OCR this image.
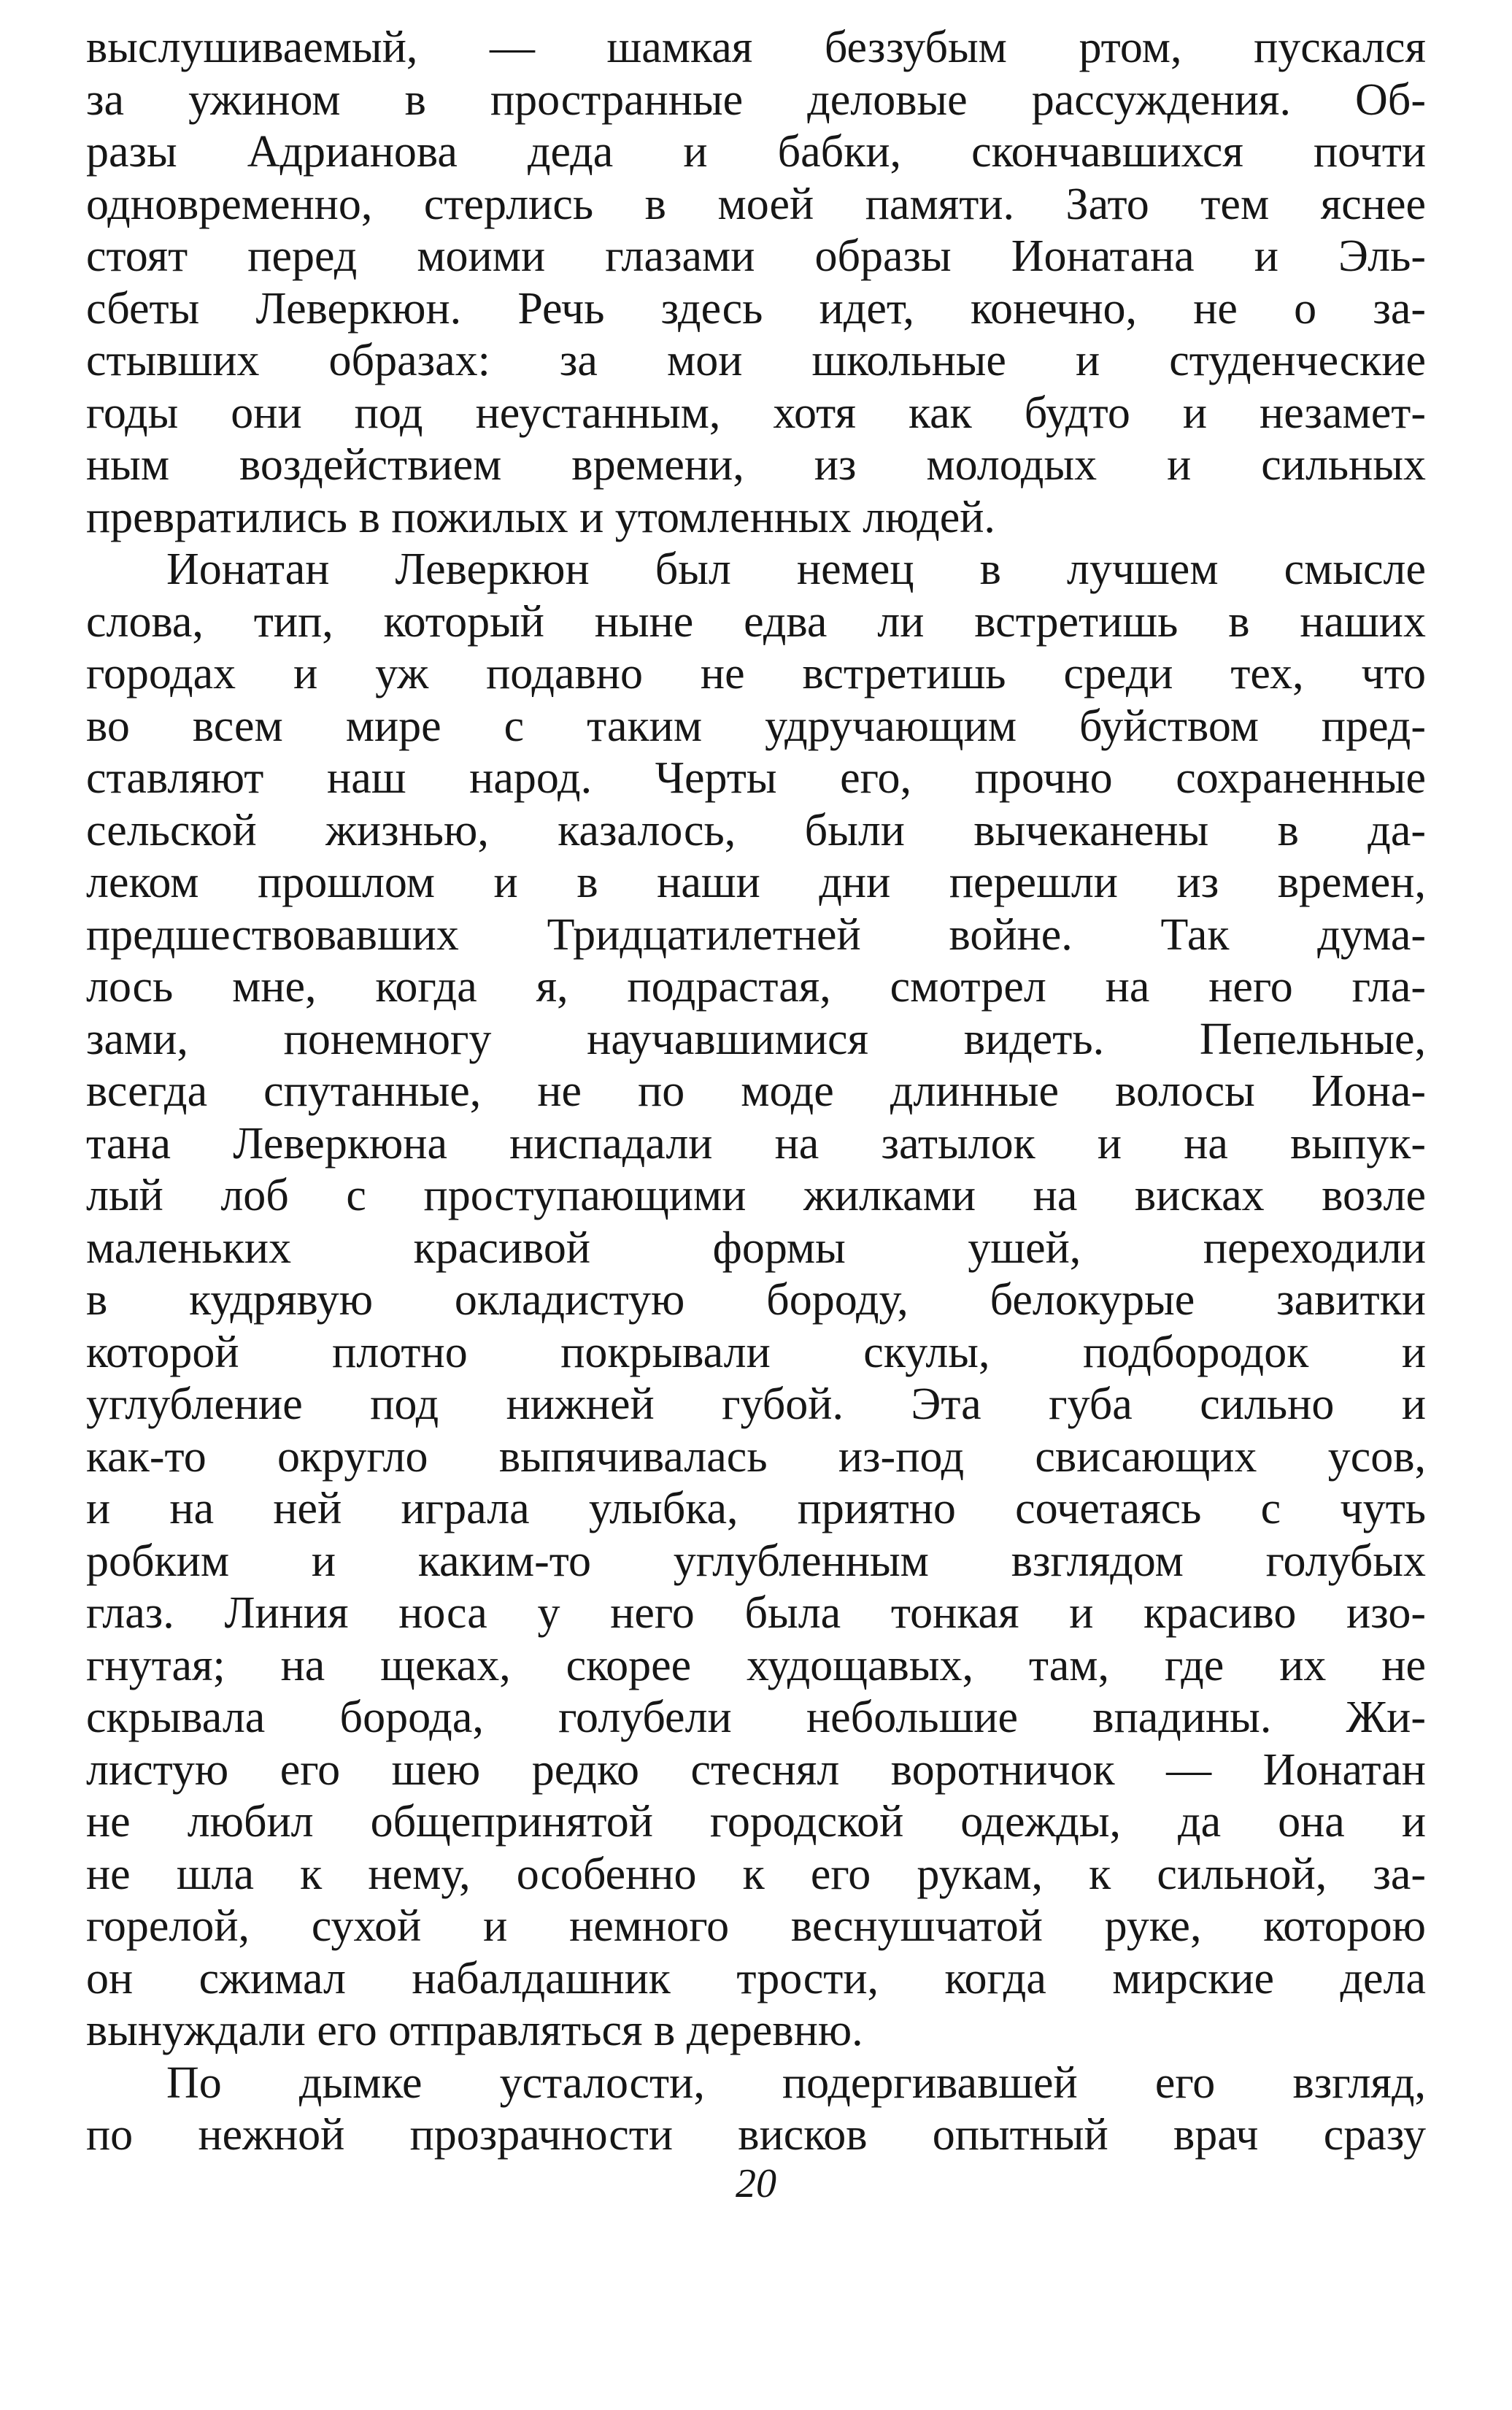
выслушиваемый, — шамкая беззубым ртом, пускался
за ужином в пространные деловые рассуждения. Об-
разы Адрианова деда и бабки, скончавшихся почти
одновременно, стерлись в моей памяти. Зато тем яснее
стоят перед моими глазами образы Ионатана и Эль-
сбеты Леверкюн. Речь здесь идет, конечно, не о за-
стывших образах: за мои школьные и студенческие
годы они под неустанным, хотя как будто и незамет-
ным воздействием времени, из молодых и сильных
превратились в пожилых и утомленных людей.
Ионатан Леверкюн был немец в лучшем смысле
слова, тип, который ныне едва ли встретишь в наших
городах и уж подавно не встретишь среди тех, что
во всем мире с таким удручающим буйством пред-
ставляют наш народ. Черты его, прочно сохраненные
сельской жизнью, казалось, были вычеканены в да-
леком прошлом и в наши дни перешли из времен,
предшествовавших Тридцатилетней войне. Так дума-
лось мне, когда я, подрастая, смотрел на него гла-
зами, понемногу научавшимися видеть. Пепельные,
всегда спутанные, не по моде длинные волосы Иона-
тана Леверкюна ниспадали на затылок и на выпук-
лый лоб с проступающими жилками на висках возле
маленьких красивой формы ушей, переходили
в кудрявую окладистую бороду, белокурые завитки
которой плотно покрывали скулы, подбородок и
углубление под нижней губой. Эта губа сильно и
как-то округло выпячивалась из-под свисающих усов,
и на ней играла улыбка, приятно сочетаясь с чуть
робким и каким-то углубленным взглядом голубых
глаз. Линия носа у него была тонкая и красиво изо-
гнутая; на щеках, скорее худощавых, там, где их не
скрывала борода, голубели небольшие впадины. Жи-
листую его шею редко стеснял воротничок — Ионатан
не любил общепринятой городской одежды, да она и
не шла к нему, особенно к его рукам, к сильной, за-
горелой, сухой и немного веснушчатой руке, которою
он сжимал набалдашник трости, когда мирские дела
вынуждали его отправляться в деревню.
По дымке усталости, подергивавшей его взгляд,
по нежной прозрачности висков опытный врач сразу
20
